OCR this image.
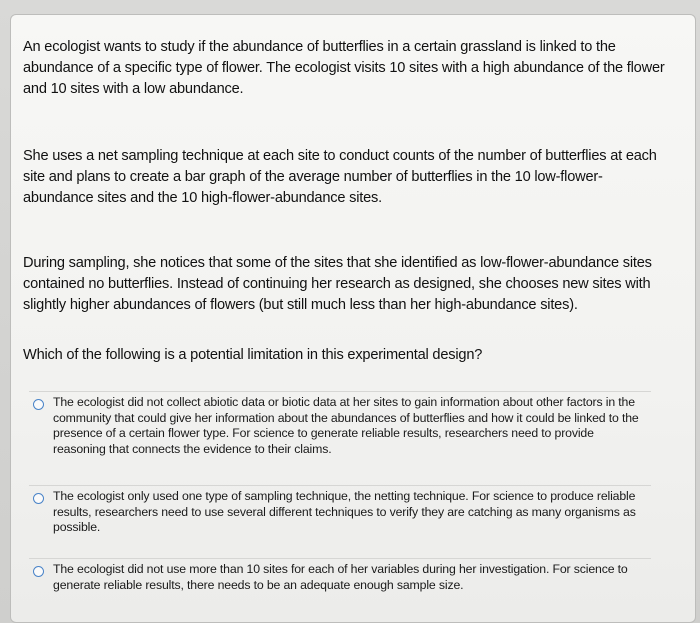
An ecologist wants to study if the abundance of butterflies in a certain grassland is linked to the abundance of a specific type of flower. The ecologist visits 10 sites with a high abundance of the flower and 10 sites with a low abundance.

She uses a net sampling technique at each site to conduct counts of the number of butterflies at each site and plans to create a bar graph of the average number of butterflies in the 10 low-flower-abundance sites and the 10 high-flower-abundance sites.

During sampling, she notices that some of the sites that she identified as low-flower-abundance sites contained no butterflies. Instead of continuing her research as designed, she chooses new sites with slightly higher abundances of flowers (but still much less than her high-abundance sites).

Which of the following is a potential limitation in this experimental design?

The ecologist did not collect abiotic data or biotic data at her sites to gain information about other factors in the community that could give her information about the abundances of butterflies and how it could be linked to the presence of a certain flower type. For science to generate reliable results, researchers need to provide reasoning that connects the evidence to their claims.
The ecologist only used one type of sampling technique, the netting technique. For science to produce reliable results, researchers need to use several different techniques to verify they are catching as many organisms as possible.
The ecologist did not use more than 10 sites for each of her variables during her investigation. For science to generate reliable results, there needs to be an adequate enough sample size.
